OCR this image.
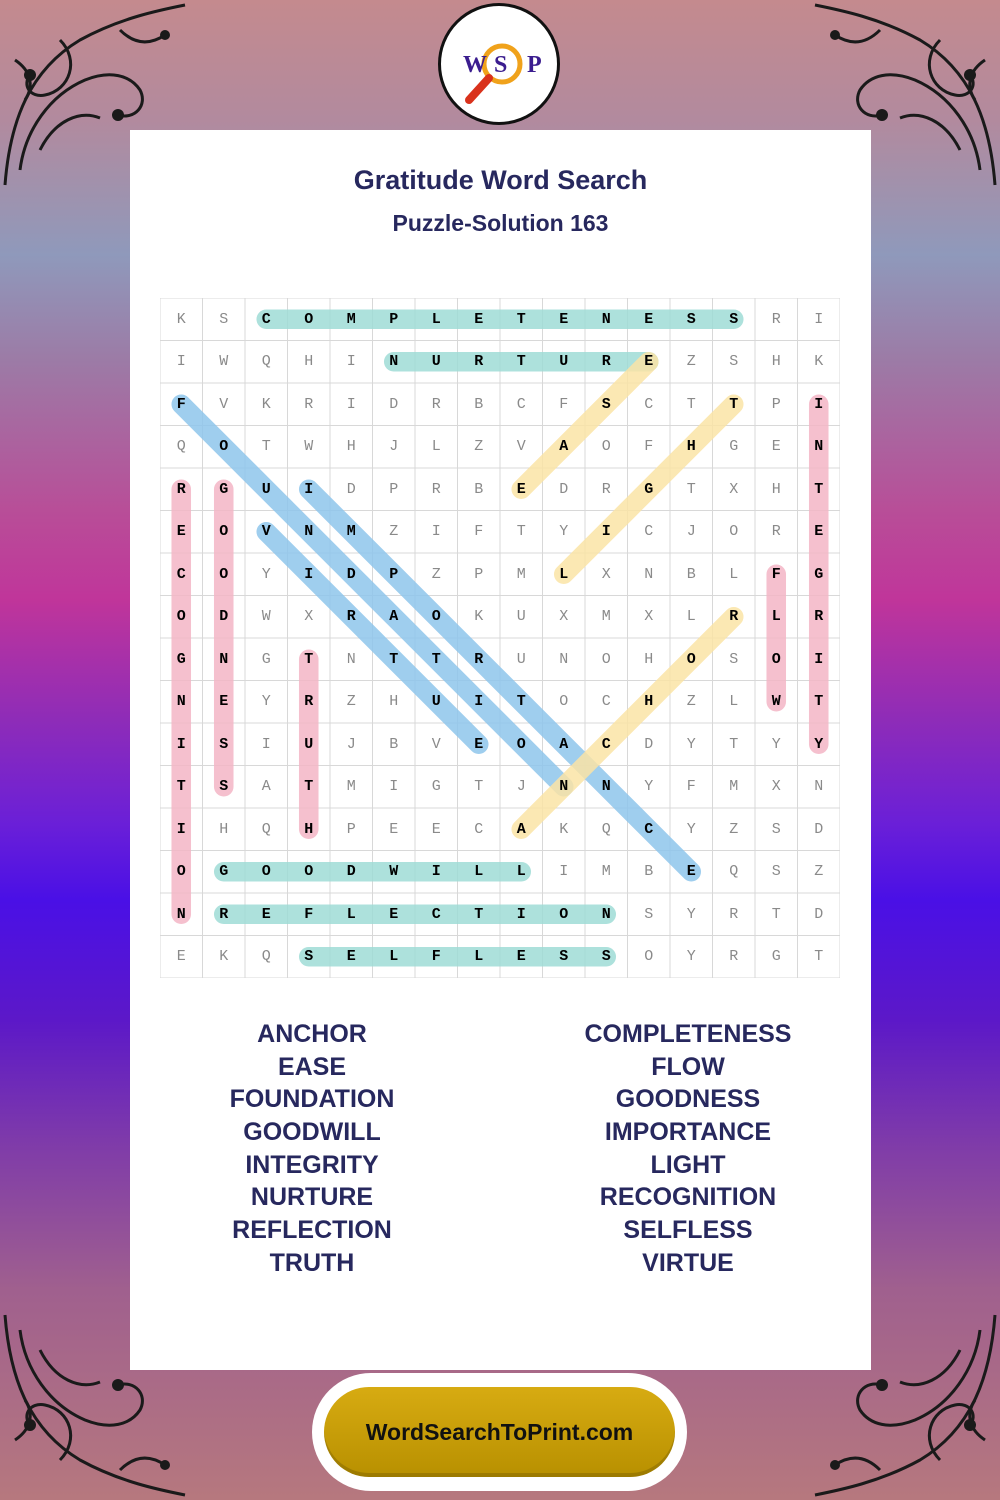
W S P
Gratitude Word Search
Puzzle-Solution 163
K	S	C	O	M	P	L	E	T	E	N	E	S	S	R	I
I	W	Q	H	I	N	U	R	T	U	R	E	Z	S	H	K
F	V	K	R	I	D	R	B	C	F	S	C	T	T	P	I
Q	O	T	W	H	J	L	Z	V	A	O	F	H	G	E	N
R	G	U	I	D	P	R	B	E	D	R	G	T	X	H	T
E	O	V	N	M	Z	I	F	T	Y	I	C	J	O	R	E
C	O	Y	I	D	P	Z	P	M	L	X	N	B	L	F	G
O	D	W	X	R	A	O	K	U	X	M	X	L	R	L	R
G	N	G	T	N	T	T	R	U	N	O	H	O	S	O	I
N	E	Y	R	Z	H	U	I	T	O	C	H	Z	L	W	T
I	S	I	U	J	B	V	E	O	A	C	D	Y	T	Y	Y
T	S	A	T	M	I	G	T	J	N	N	Y	F	M	X	N
I	H	Q	H	P	E	E	C	A	K	Q	C	Y	Z	S	D
O	G	O	O	D	W	I	L	L	I	M	B	E	Q	S	Z
N	R	E	F	L	E	C	T	I	O	N	S	Y	R	T	D
E	K	Q	S	E	L	F	L	E	S	S	O	Y	R	G	T
ANCHOR
EASE
FOUNDATION
GOODWILL
INTEGRITY
NURTURE
REFLECTION
TRUTH
COMPLETENESS
FLOW
GOODNESS
IMPORTANCE
LIGHT
RECOGNITION
SELFLESS
VIRTUE
WordSearchToPrint.com
